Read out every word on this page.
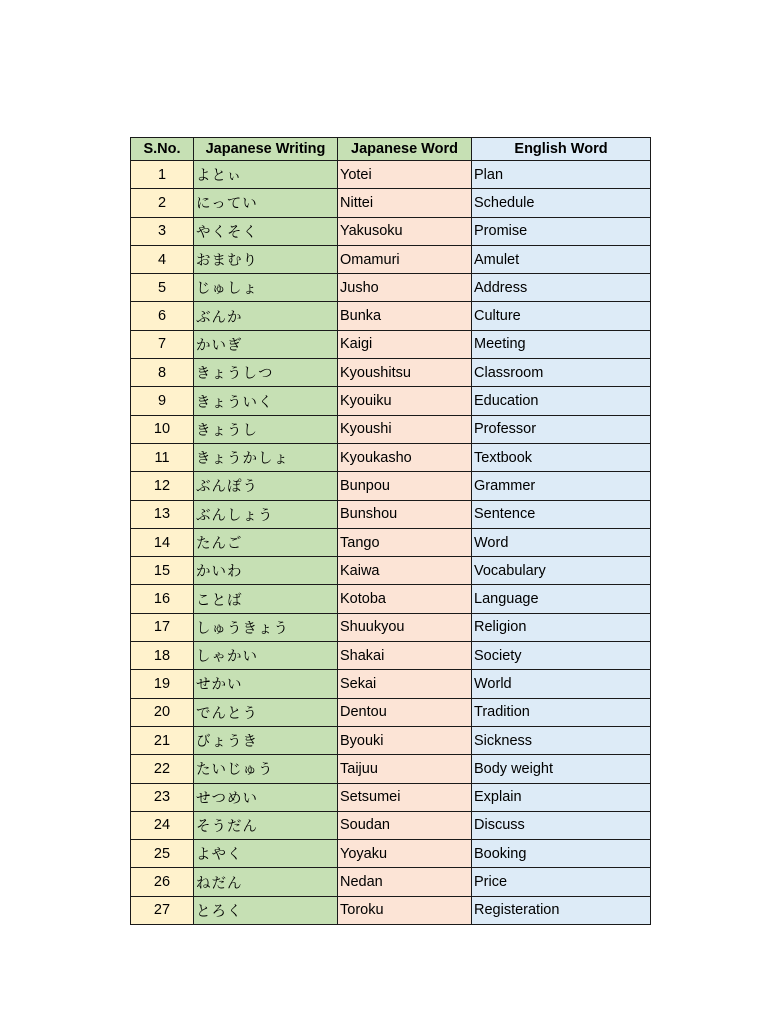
S.No.	Japanese Writing	Japanese Word	English Word
1	よとぃ	Yotei	Plan
2	にってい	Nittei	Schedule
3	やくそく	Yakusoku	Promise
4	おまむり	Omamuri	Amulet
5	じゅしょ	Jusho	Address
6	ぶんか	Bunka	Culture
7	かいぎ	Kaigi	Meeting
8	きょうしつ	Kyoushitsu	Classroom
9	きょういく	Kyouiku	Education
10	きょうし	Kyoushi	Professor
11	きょうかしょ	Kyoukasho	Textbook
12	ぶんぽう	Bunpou	Grammer
13	ぶんしょう	Bunshou	Sentence
14	たんご	Tango	Word
15	かいわ	Kaiwa	Vocabulary
16	ことば	Kotoba	Language
17	しゅうきょう	Shuukyou	Religion
18	しゃかい	Shakai	Society
19	せかい	Sekai	World
20	でんとう	Dentou	Tradition
21	びょうき	Byouki	Sickness
22	たいじゅう	Taijuu	Body weight
23	せつめい	Setsumei	Explain
24	そうだん	Soudan	Discuss
25	よやく	Yoyaku	Booking
26	ねだん	Nedan	Price
27	とろく	Toroku	Registeration
